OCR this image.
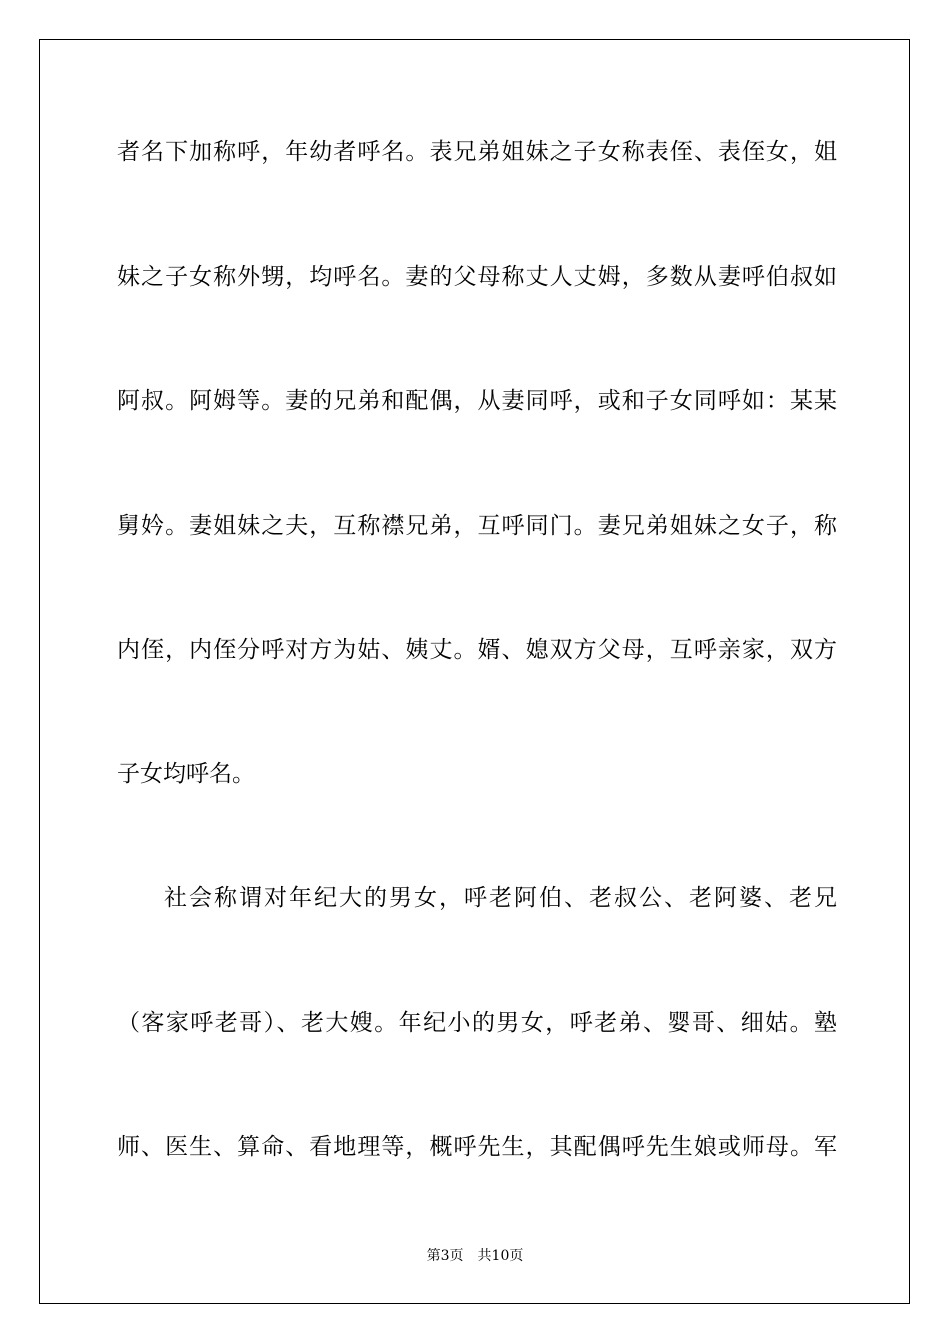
者名下加称呼，年幼者呼名。表兄弟姐妹之子女称表侄、表侄女，姐

妹之子女称外甥，均呼名。妻的父母称丈人丈姆，多数从妻呼伯叔如

阿叔。阿姆等。妻的兄弟和配偶，从妻同呼，或和子女同呼如：某某

舅妗。妻姐妹之夫，互称襟兄弟，互呼同门。妻兄弟姐妹之女子，称

内侄，内侄分呼对方为姑、姨丈。婿、媳双方父母，互呼亲家，双方

子女均呼名。

社会称谓对年纪大的男女，呼老阿伯、老叔公、老阿婆、老兄

（客家呼老哥）、老大嫂。年纪小的男女，呼老弟、婴哥、细姑。塾

师、医生、算命、看地理等，概呼先生，其配偶呼先生娘或师母。军

第3页 共10页
